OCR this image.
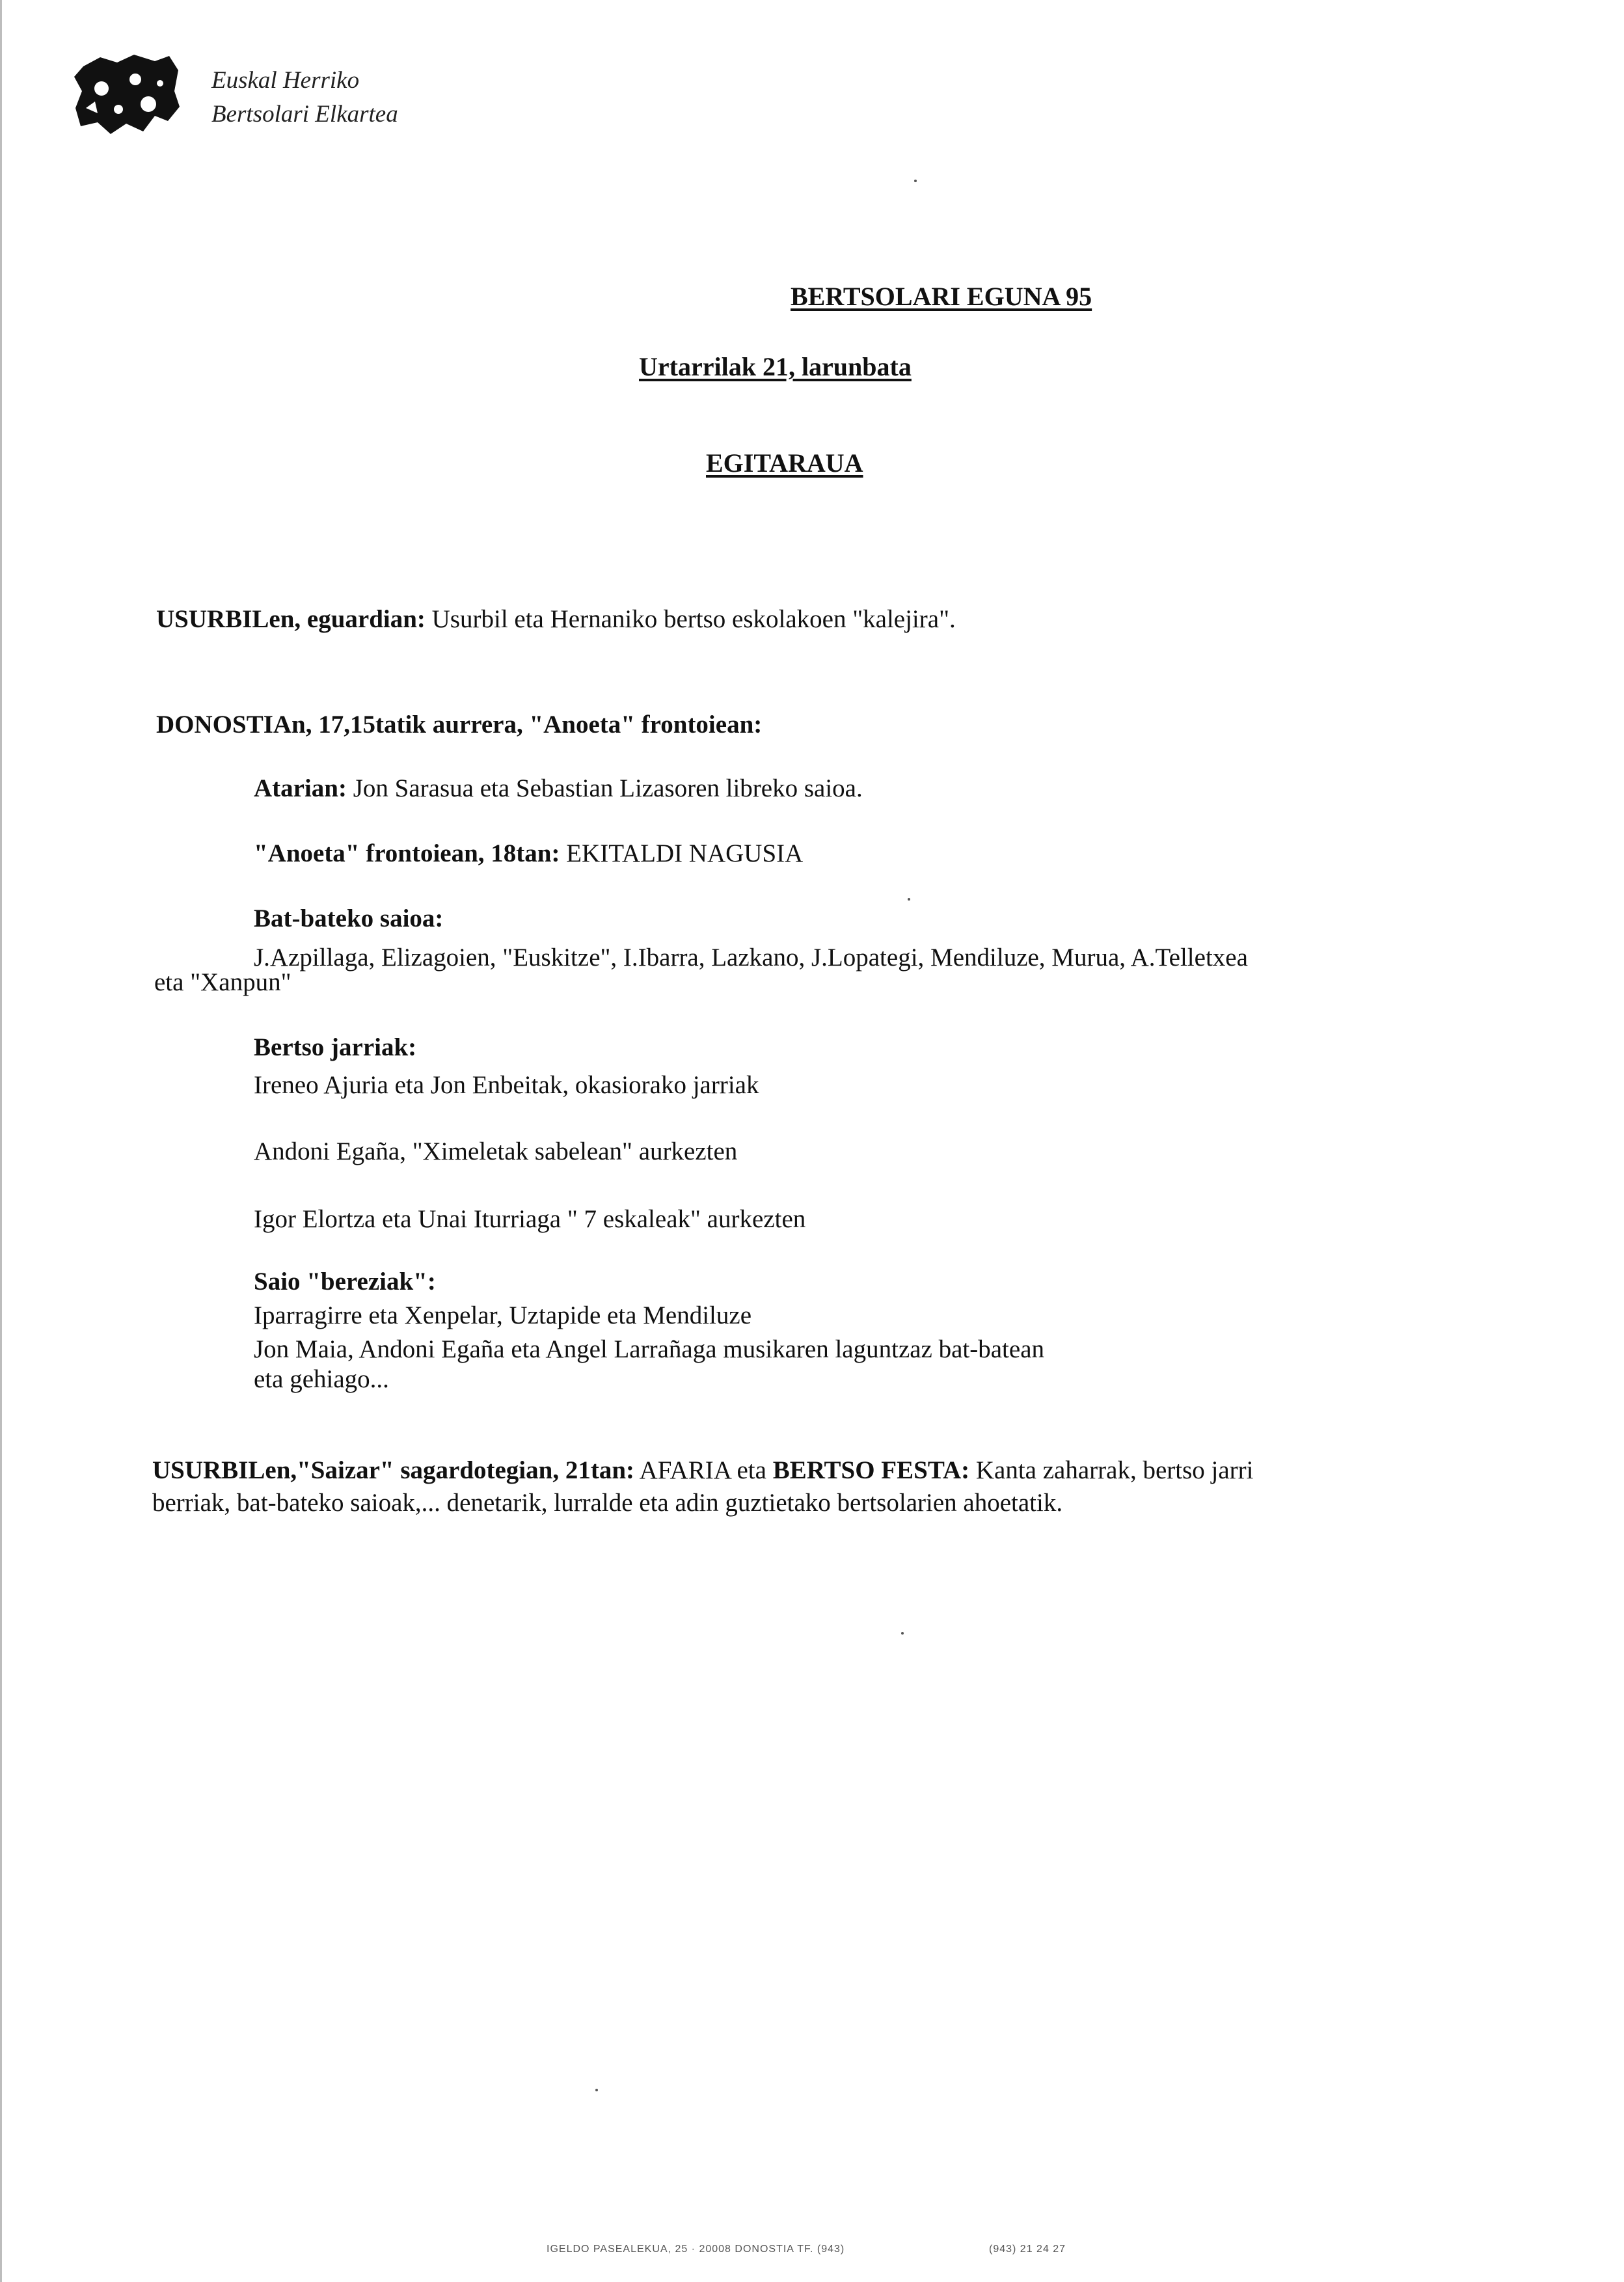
Euskal Herriko
Bertsolari Elkartea
BERTSOLARI EGUNA 95
Urtarrilak 21, larunbata
EGITARAUA
USURBILen, eguardian: Usurbil eta Hernaniko bertso eskolakoen "kalejira".
DONOSTIAn, 17,15tatik aurrera, "Anoeta" frontoiean:
Atarian: Jon Sarasua eta Sebastian Lizasoren libreko saioa.
"Anoeta" frontoiean, 18tan: EKITALDI NAGUSIA
Bat-bateko saioa:
J.Azpillaga, Elizagoien, "Euskitze", I.Ibarra, Lazkano, J.Lopategi, Mendiluze, Murua, A.Telletxea
eta "Xanpun"
Bertso jarriak:
Ireneo Ajuria eta Jon Enbeitak, okasiorako jarriak
Andoni Egaña, "Ximeletak sabelean" aurkezten
Igor Elortza eta Unai Iturriaga " 7 eskaleak" aurkezten
Saio "bereziak":
Iparragirre eta Xenpelar, Uztapide eta Mendiluze
Jon Maia, Andoni Egaña eta Angel Larrañaga musikaren laguntzaz bat-batean
eta gehiago...
USURBILen,"Saizar" sagardotegian, 21tan: AFARIA eta BERTSO FESTA: Kanta zaharrak, bertso jarri
berriak, bat-bateko saioak,... denetarik, lurralde eta adin guztietako bertsolarien ahoetatik.
IGELDO PASEALEKUA, 25 · 20008 DONOSTIA TF. (943)	(943) 21 24 27
